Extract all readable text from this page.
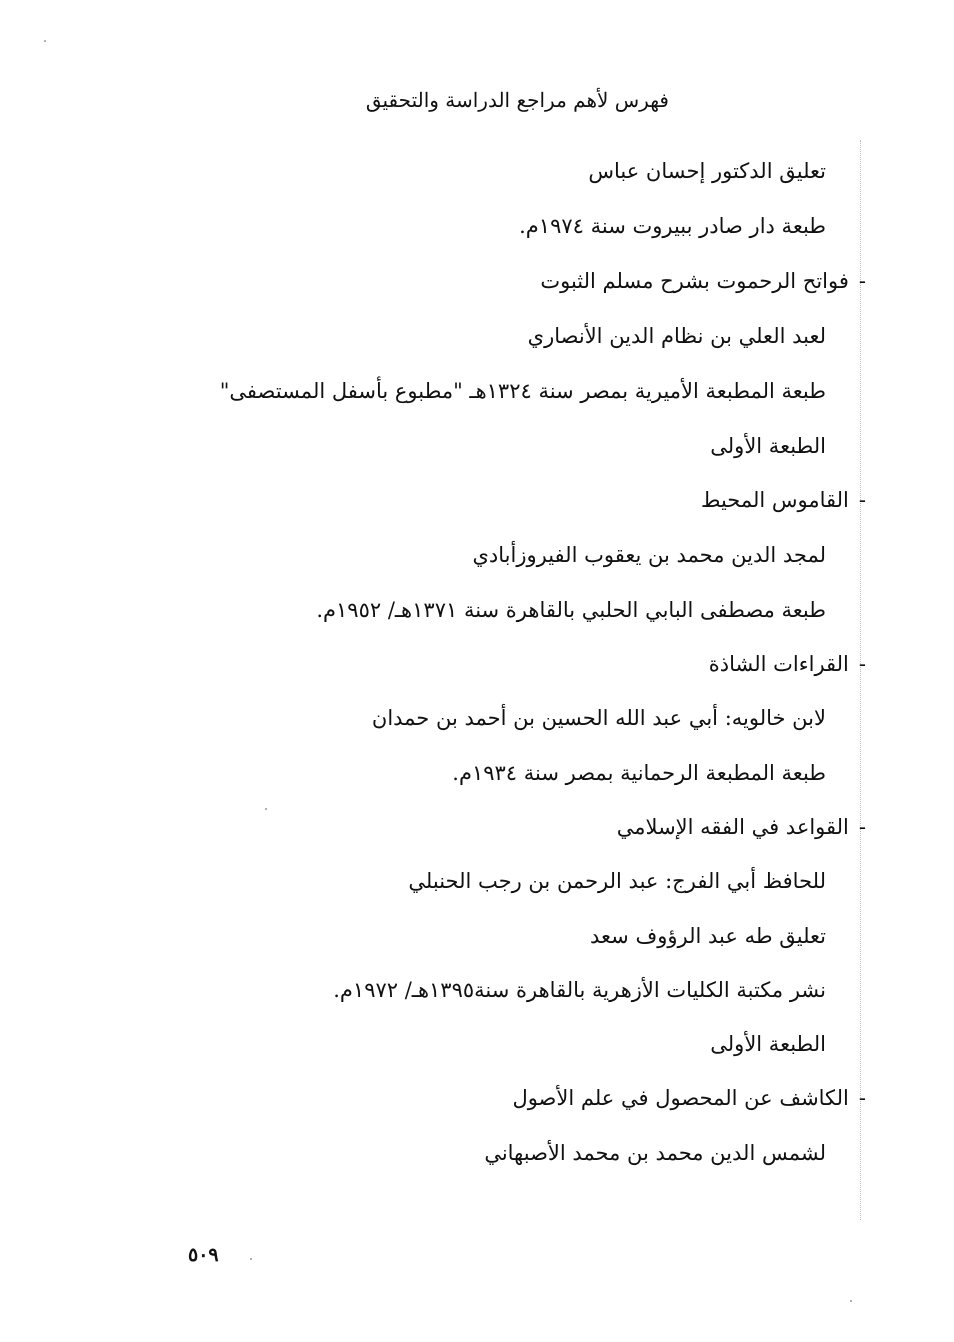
فهرس لأهم مراجع الدراسة والتحقيق
تعليق الدكتور إحسان عباس
طبعة دار صادر ببيروت سنة ١٩٧٤م.
-فواتح الرحموت بشرح مسلم الثبوت
لعبد العلي بن نظام الدين الأنصاري
طبعة المطبعة الأميرية بمصر سنة ١٣٢٤هـ "مطبوع بأسفل المستصفى"
الطبعة الأولى
-القاموس المحيط
لمجد الدين محمد بن يعقوب الفيروزأبادي
طبعة مصطفى البابي الحلبي بالقاهرة سنة ١٣٧١هـ/ ١٩٥٢م.
-القراءات الشاذة
لابن خالويه: أبي عبد الله الحسين بن أحمد بن حمدان
طبعة المطبعة الرحمانية بمصر سنة ١٩٣٤م.
-القواعد في الفقه الإسلامي
للحافظ أبي الفرج: عبد الرحمن بن رجب الحنبلي
تعليق طه عبد الرؤوف سعد
نشر مكتبة الكليات الأزهرية بالقاهرة سنة١٣٩٥هـ/ ١٩٧٢م.
الطبعة الأولى
-الكاشف عن المحصول في علم الأصول
لشمس الدين محمد بن محمد الأصبهاني
٥٠٩
